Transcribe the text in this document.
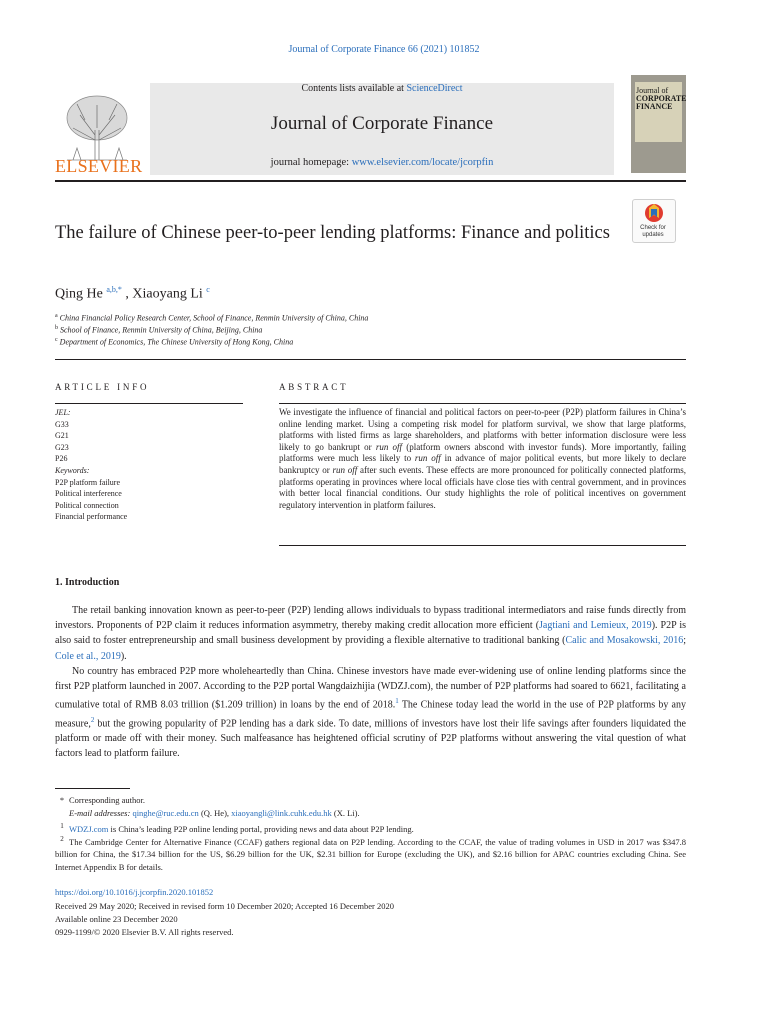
Journal of Corporate Finance 66 (2021) 101852
ELSEVIER
Contents lists available at ScienceDirect
Journal of Corporate Finance
journal homepage: www.elsevier.com/locate/jcorpfin
Journal of
CORPORATE
FINANCE
Check for
updates
The failure of Chinese peer-to-peer lending platforms: Finance and politics
Qing He $^{a,b,*}$ , Xiaoyang Li $^c$
$^a$ China Financial Policy Research Center, School of Finance, Renmin University of China, China
$^b$ School of Finance, Renmin University of China, Beijing, China
$^c$ Department of Economics, The Chinese University of Hong Kong, China
ARTICLE INFO
JEL:
G33
G21
G23
P26
Keywords:
P2P platform failure
Political interference
Political connection
Financial performance
ABSTRACT
We investigate the influence of financial and political factors on peer-to-peer (P2P) platform failures in China’s online lending market. Using a competing risk model for platform survival, we show that large platforms, platforms with listed firms as large shareholders, and platforms with better information disclosure were less likely to go bankrupt or run off (platform owners abscond with investor funds). More importantly, failing platforms were much less likely to run off in advance of major political events, but more likely to declare bankruptcy or run off after such events. These effects are more pronounced for politically connected platforms, platforms operating in provinces where local officials have close ties with central government, and in provinces with better local financial conditions. Our study highlights the role of political incentives on government regulatory intervention in platform failures.
1. Introduction

The retail banking innovation known as peer-to-peer (P2P) lending allows individuals to bypass traditional intermediators and raise funds directly from investors. Proponents of P2P claim it reduces information asymmetry, thereby making credit allocation more efficient (Jagtiani and Lemieux, 2019). P2P is also said to foster entrepreneurship and small business development by providing a flexible alternative to traditional banking (Calic and Mosakowski, 2016; Cole et al., 2019).

No country has embraced P2P more wholeheartedly than China. Chinese investors have made ever-widening use of online lending platforms since the first P2P platform launched in 2007. According to the P2P portal Wangdaizhijia (WDZJ.com), the number of P2P platforms had soared to 6621, facilitating a cumulative total of RMB 8.03 trillion ($1.209 trillion) in loans by the end of 2018.$^1$ The Chinese today lead the world in the use of P2P platforms by any measure,$^2$ but the growing popularity of P2P lending has a dark side. To date, millions of investors have lost their life savings after founders liquidated the platform or made off with their money. Such malfeasance has heightened official scrutiny of P2P platforms without answering the vital question of what factors lead to platform failure.

* Corresponding author.
E-mail addresses: qinghe@ruc.edu.cn (Q. He), xiaoyangli@link.cuhk.edu.hk (X. Li).
$^1$ WDZJ.com is China’s leading P2P online lending portal, providing news and data about P2P lending.
$^2$ The Cambridge Center for Alternative Finance (CCAF) gathers regional data on P2P lending. According to the CCAF, the value of trading volumes in USD in 2017 was $347.8 billion for China, the $17.34 billion for the US, $6.29 billion for the UK, $2.31 billion for Europe (excluding the UK), and $2.16 billion for APAC countries excluding China. See Internet Appendix B for details.
https://doi.org/10.1016/j.jcorpfin.2020.101852
Received 29 May 2020; Received in revised form 10 December 2020; Accepted 16 December 2020
Available online 23 December 2020
0929-1199/© 2020 Elsevier B.V. All rights reserved.
